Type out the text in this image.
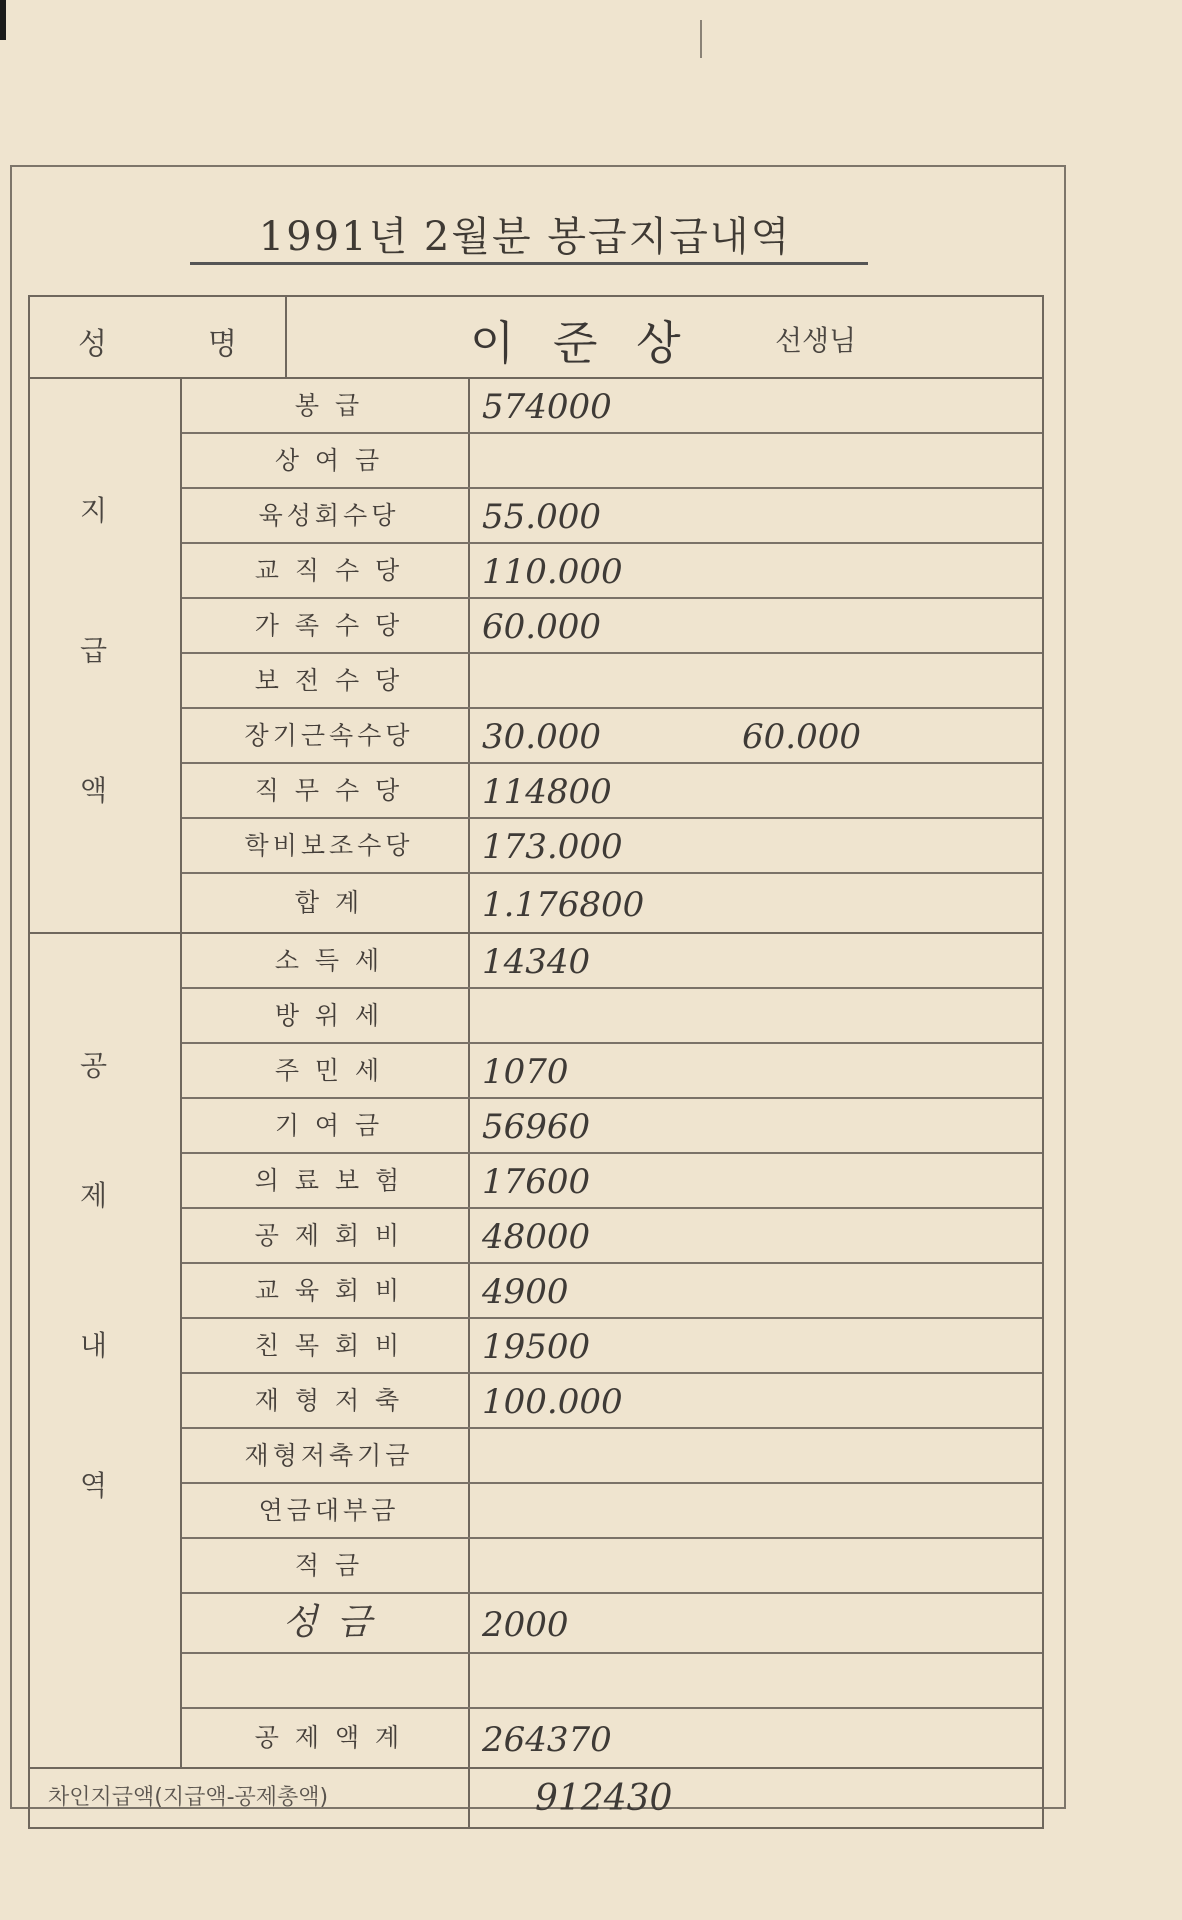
1991년 2월분 봉급지급내역
성	명	이 준 상	선생님
지
급
액
봉 급	574000
상 여 금
육성회수당	55.000
교 직 수 당	110.000
가 족 수 당	60.000
보 전 수 당
장기근속수당	30.000	60.000
직 무 수 당	114800
학비보조수당	173.000
합 계	1.176800
공
제
내
역
소 득 세	14340
방 위 세
주 민 세	1070
기 여 금	56960
의 료 보 험	17600
공 제 회 비	48000
교 육 회 비	4900
친 목 회 비	19500
재 형 저 축	100.000
재형저축기금
연금대부금
적 금
성 금	2000
공 제 액 계	264370
차인지급액(지급액-공제총액)	912430
